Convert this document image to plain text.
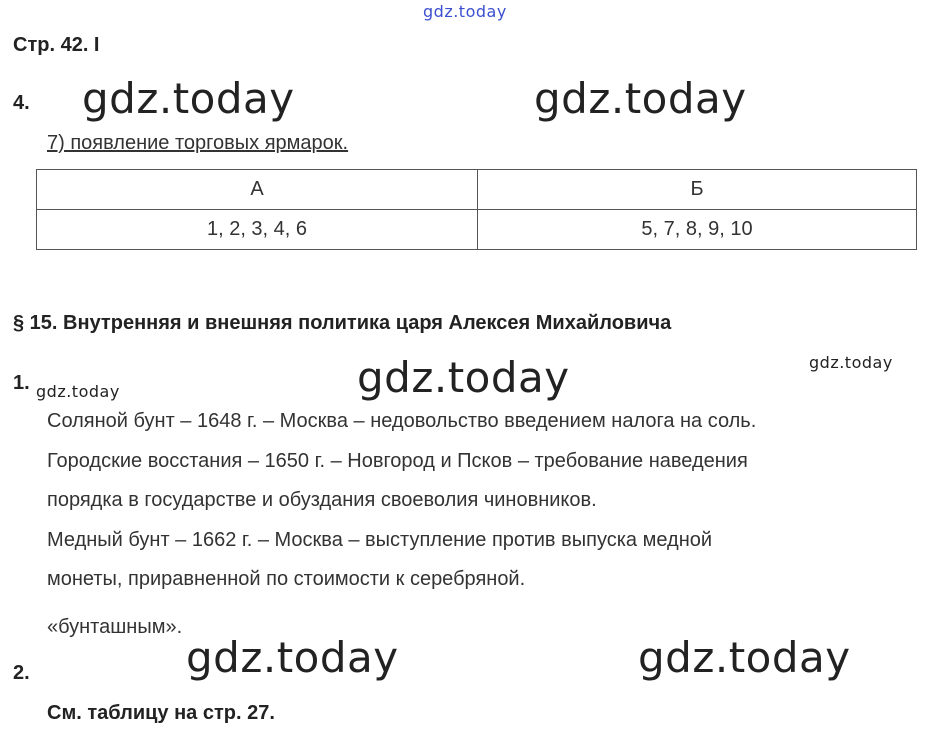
gdz.today
gdz.today	gdz.today
gdz.today
gdz.today	gdz.today
gdz.today
gdz.today
Стр. 42. I
4.
7) появление торговых ярмарок.
А	Б
1, 2, 3, 4, 6	5, 7, 8, 9, 10
§ 15. Внутренняя и внешняя политика царя Алексея Михайловича
1.
Соляной бунт – 1648 г. – Москва – недовольство введением налога на соль.
Городские восстания – 1650 г. – Новгород и Псков – требование наведения
порядка в государстве и обуздания своеволия чиновников.
Медный бунт – 1662 г. – Москва – выступление против выпуска медной
монеты, приравненной по стоимости к серебряной.
«бунташным».
2.
См. таблицу на стр. 27.
